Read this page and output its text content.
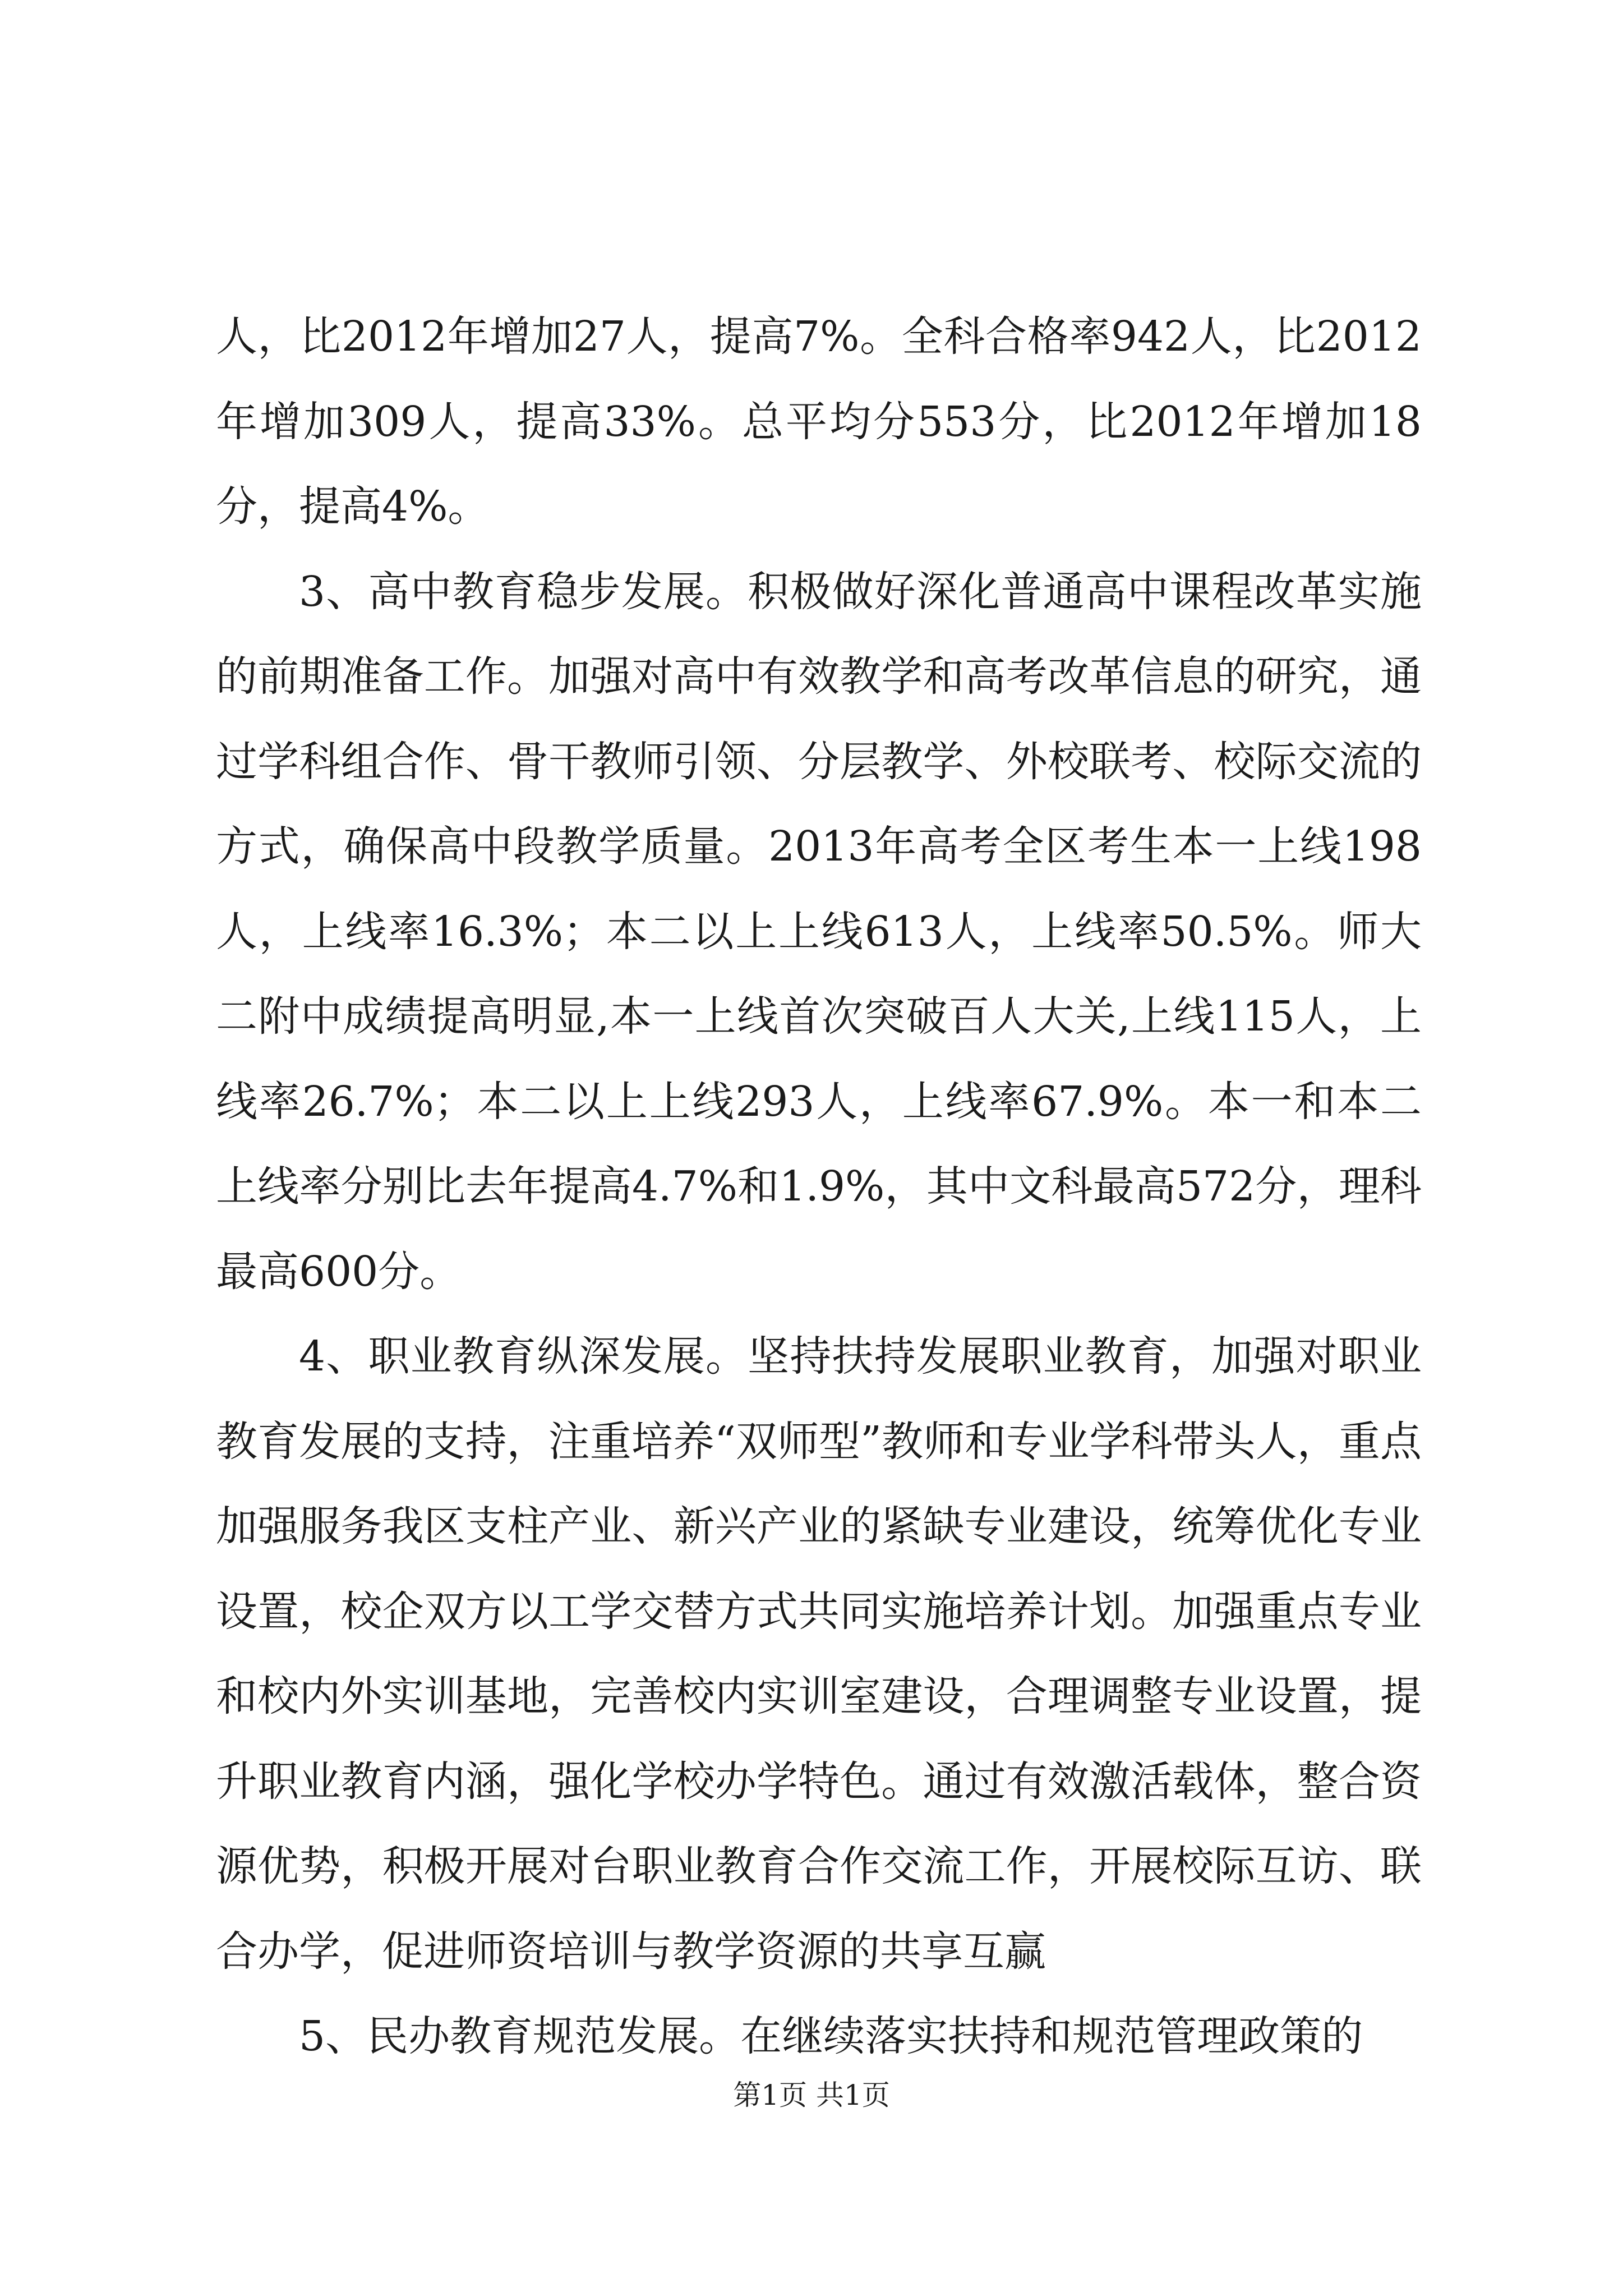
人，比2012年增加27人，提高7%。全科合格率942人，比2012年增加309人，提高33%。总平均分553分，比2012年增加18分，提高4%。

3、高中教育稳步发展。积极做好深化普通高中课程改革实施的前期准备工作。加强对高中有效教学和高考改革信息的研究，通过学科组合作、骨干教师引领、分层教学、外校联考、校际交流的方式，确保高中段教学质量。2013年高考全区考生本一上线198人，上线率16.3%；本二以上上线613人，上线率50.5%。师大二附中成绩提高明显,本一上线首次突破百人大关,上线115人，上线率26.7%；本二以上上线293人，上线率67.9%。本一和本二上线率分别比去年提高4.7%和1.9%，其中文科最高572分，理科最高600分。

4、职业教育纵深发展。坚持扶持发展职业教育，加强对职业教育发展的支持，注重培养“双师型”教师和专业学科带头人，重点加强服务我区支柱产业、新兴产业的紧缺专业建设，统筹优化专业设置，校企双方以工学交替方式共同实施培养计划。加强重点专业和校内外实训基地，完善校内实训室建设，合理调整专业设置，提升职业教育内涵，强化学校办学特色。通过有效激活载体，整合资源优势，积极开展对台职业教育合作交流工作，开展校际互访、联合办学，促进师资培训与教学资源的共享互赢

5、民办教育规范发展。在继续落实扶持和规范管理政策的

第1页 共1页
